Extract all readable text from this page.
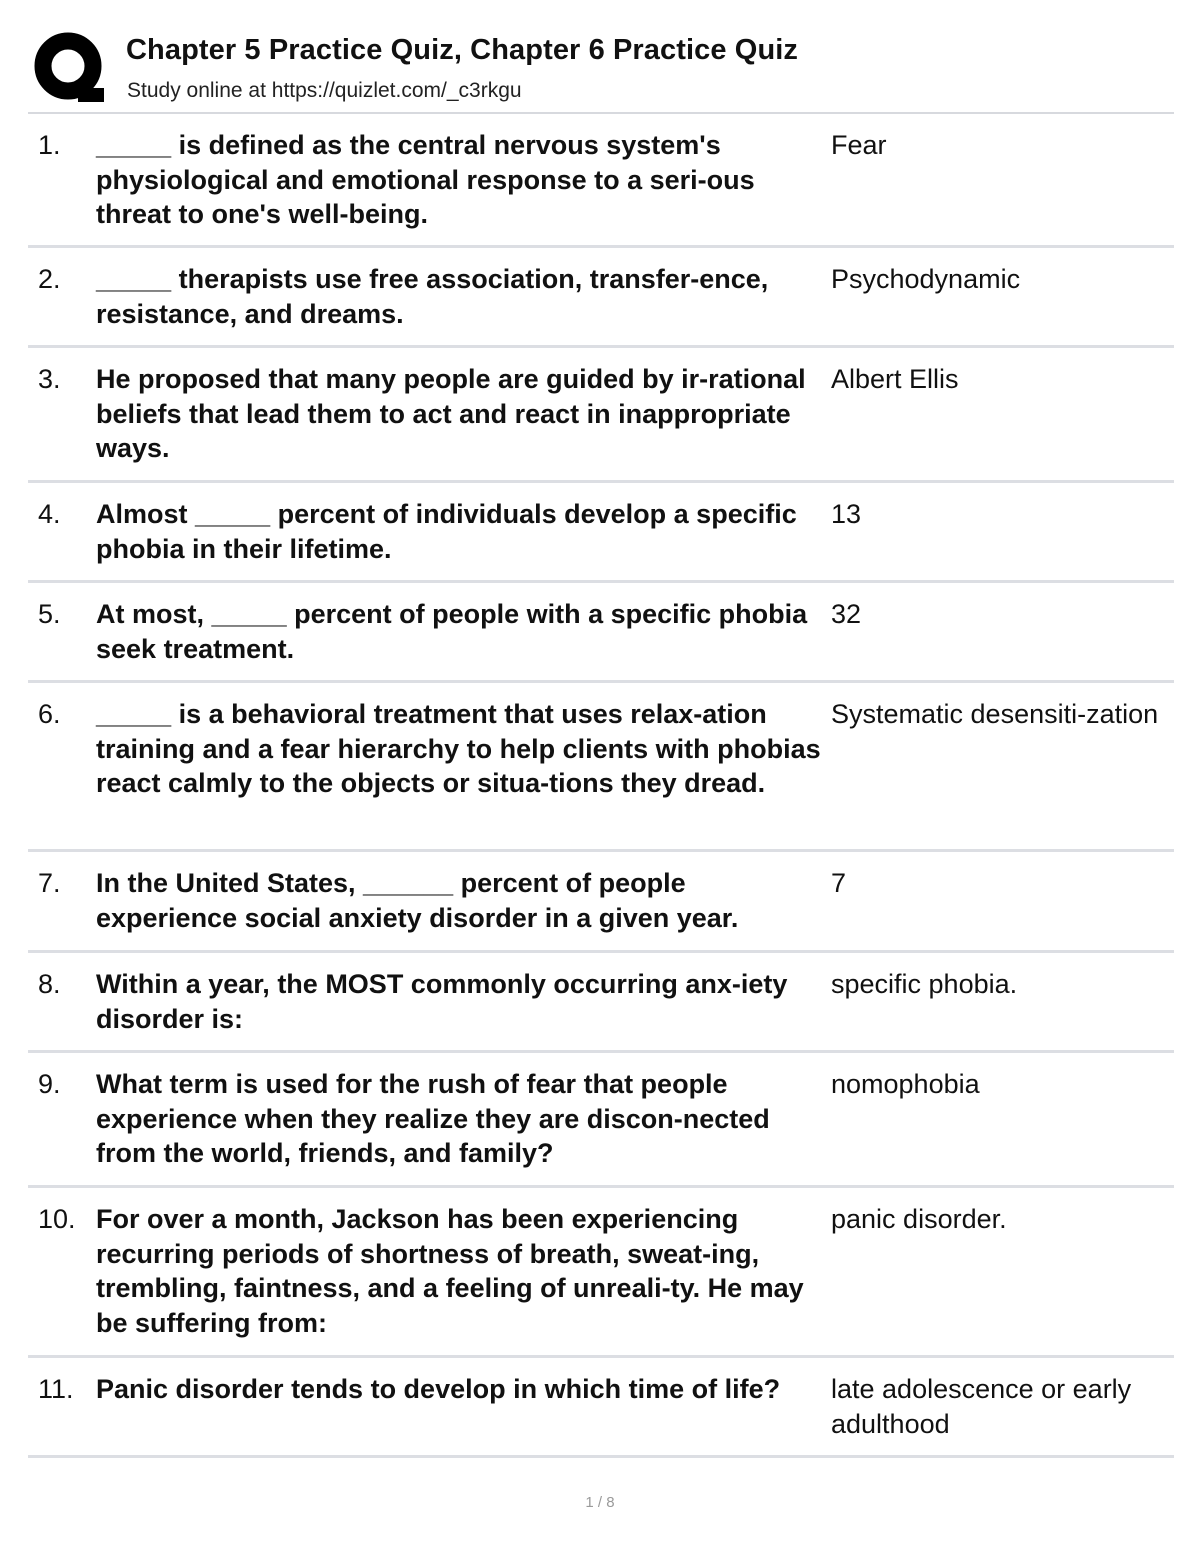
Chapter 5 Practice Quiz, Chapter 6 Practice Quiz
Study online at https://quizlet.com/_c3rkgu
1. _____ is defined as the central nervous system's physiological and emotional response to a seri-ous threat to one's well-being.
Fear
2. _____ therapists use free association, transfer-ence, resistance, and dreams.
Psychodynamic
3. He proposed that many people are guided by ir-rational beliefs that lead them to act and react in inappropriate ways.
Albert Ellis
4. Almost _____ percent of individuals develop a specific phobia in their lifetime.
13
5. At most, _____ percent of people with a specific phobia seek treatment.
32
6. _____ is a behavioral treatment that uses relax-ation training and a fear hierarchy to help clients with phobias react calmly to the objects or situa-tions they dread.
Systematic desensiti-zation
7. In the United States, ______ percent of people experience social anxiety disorder in a given year.
7
8. Within a year, the MOST commonly occurring anx-iety disorder is:
specific phobia.
9. What term is used for the rush of fear that people experience when they realize they are discon-nected from the world, friends, and family?
nomophobia
10. For over a month, Jackson has been experiencing recurring periods of shortness of breath, sweat-ing, trembling, faintness, and a feeling of unreali-ty. He may be suffering from:
panic disorder.
11. Panic disorder tends to develop in which time of life?	late adolescence or early adulthood
1 / 8
